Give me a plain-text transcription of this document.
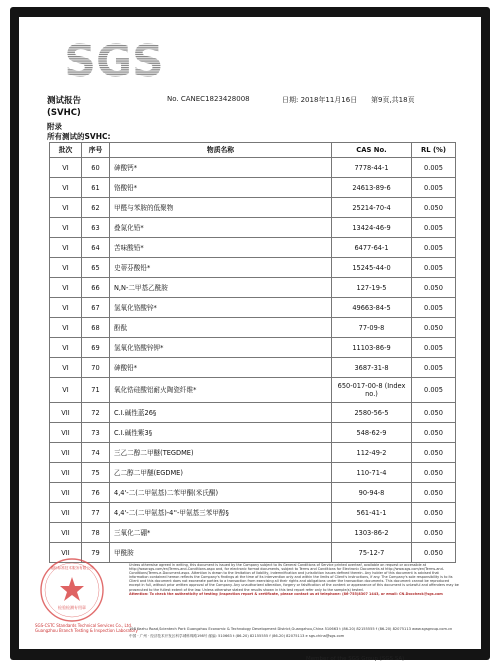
SGS
测试报告	No. CANEC1823428008	日期: 2018年11月16日 第9页,共18页
(SVHC)
附录
所有测试的SVHC:
批次	序号	物质名称	CAS No.	RL (%)
VI	60	砷酸钙*	7778-44-1	0.005
VI	61	铬酸铅*	24613-89-6	0.005
VI	62	甲醛与苯胺的低聚物	25214-70-4	0.050
VI	63	叠氮化铅*	13424-46-9	0.005
VI	64	苦味酸铅*	6477-64-1	0.005
VI	65	史蒂芬酸铅*	15245-44-0	0.005
VI	66	N,N-二甲基乙酰胺	127-19-5	0.050
VI	67	氢氧化铬酸锌*	49663-84-5	0.005
VI	68	酚酞	77-09-8	0.050
VI	69	氢氧化铬酸锌钾*	11103-86-9	0.005
VI	70	砷酸铅*	3687-31-8	0.005
VI	71	氧化锆硅酸铝耐火陶瓷纤维*	650-017-00-8 (Index no.)	0.005
VII	72	C.I.碱性蓝26§	2580-56-5	0.050
VII	73	C.I.碱性紫3§	548-62-9	0.050
VII	74	三乙二醇二甲醚(TEGDME)	112-49-2	0.050
VII	75	乙二醇二甲醚(EGDME)	110-71-4	0.050
VII	76	4,4'-二(二甲氨基)二苯甲酮(米氏酮)	90-94-8	0.050
VII	77	4,4'-二(二甲氨基)-4''-甲氨基三苯甲醇§	561-41-1	0.050
VII	78	三氧化二硼*	1303-86-2	0.050
VII	79	甲酰胺	75-12-7	0.050
检验检测专用章
通标标准技术服务有限公司
SGS-CSTC Standards Technical Services Co., Ltd.
Guangzhou Branch Testing & Inspection Laboratory
Unless otherwise agreed in writing, this document is issued by the Company subject to its General Conditions of Service printed overleaf, available on request or accessible at http://www.sgs.com/en/Terms-and-Conditions.aspx and, for electronic format documents, subject to Terms and Conditions for Electronic Documents at http://www.sgs.com/en/Terms-and-Conditions/Terms-e-Document.aspx. Attention is drawn to the limitation of liability, indemnification and jurisdiction issues defined therein. Any holder of this document is advised that information contained hereon reflects the Company's findings at the time of its intervention only and within the limits of Client's instructions, if any. The Company's sole responsibility is to its Client and this document does not exonerate parties to a transaction from exercising all their rights and obligations under the transaction documents. This document cannot be reproduced except in full, without prior written approval of the Company. Any unauthorized alteration, forgery or falsification of the content or appearance of this document is unlawful and offenders may be prosecuted to the fullest extent of the law. Unless otherwise stated the results shown in this test report refer only to the sample(s) tested.
Attention: To check the authenticity of testing /inspection report & certificate, please contact us at telephone: (86-755)8307 1443, or email: CN.Doccheck@sgs.com
198 Kezhu Road,Scientech Park Guangzhou Economic & Technology Development District,Guangzhou,China 510663 t (86-20) 82155555 f (86-20) 82075113 www.sgsgroup.com.cn
中国 · 广州 · 经济技术开发区科学城科珠路198号 邮编: 510663 t (86-20) 82155555 f (86-20) 82075113 e sgs.china@sgs.com
Member of the SGS Group (SGS SA)
